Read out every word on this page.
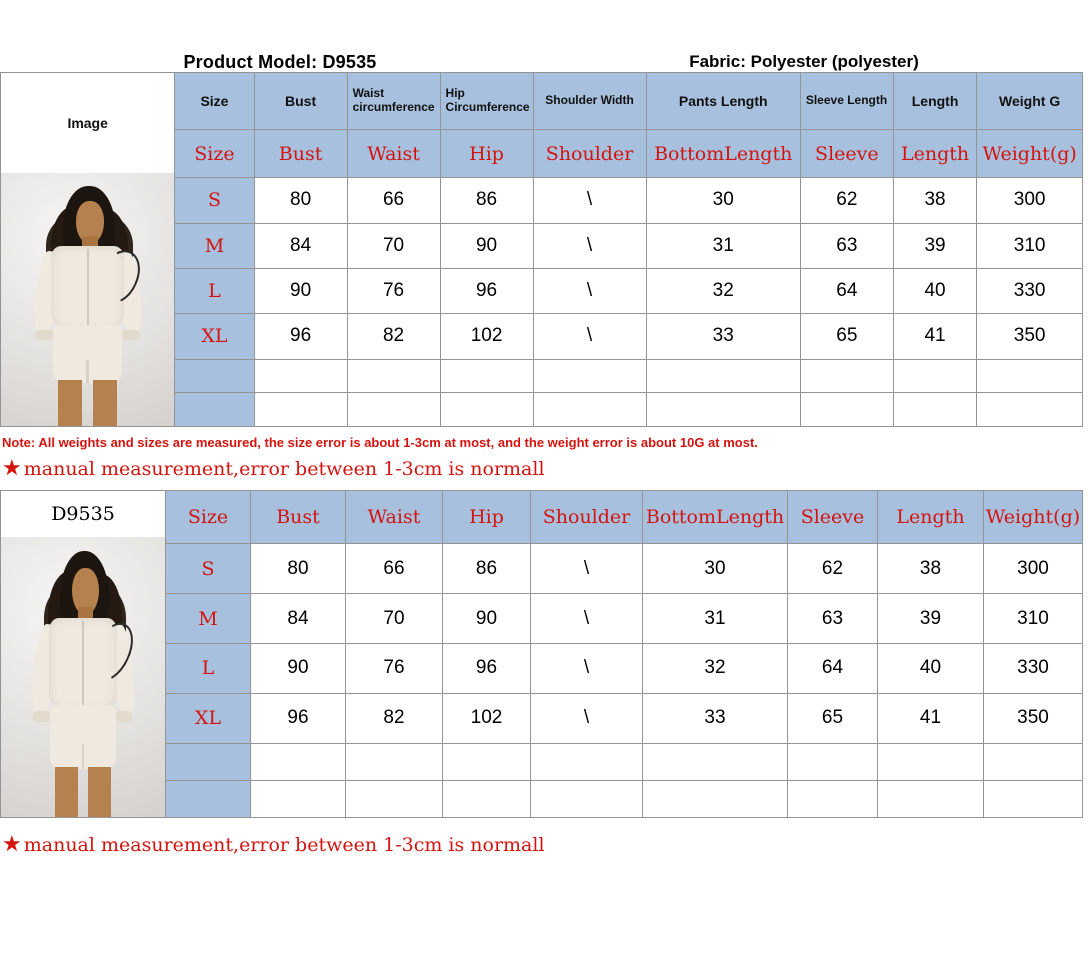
Product Model: D9535	Fabric: Polyester (polyester)
Image	Size	Bust	Waist circumference	Hip Circumference	Shoulder Width	Pants Length	Sleeve Length	Length	Weight G
	Size	Bust	Waist	Hip	Shoulder	BottomLength	Sleeve	Length	Weight(g)
	S	80	66	86	\	30	62	38	300
	M	84	70	90	\	31	63	39	310
	L	90	76	96	\	32	64	40	330
	XL	96	82	102	\	33	65	41	350

Note: All weights and sizes are measured, the size error is about 1-3cm at most, and the weight error is about 10G at most.
★ manual measurement,error between 1-3cm is normall
D9535	Size	Bust	Waist	Hip	Shoulder	BottomLength	Sleeve	Length	Weight(g)
	S	80	66	86	\	30	62	38	300
	M	84	70	90	\	31	63	39	310
	L	90	76	96	\	32	64	40	330
	XL	96	82	102	\	33	65	41	350

★ manual measurement,error between 1-3cm is normall
